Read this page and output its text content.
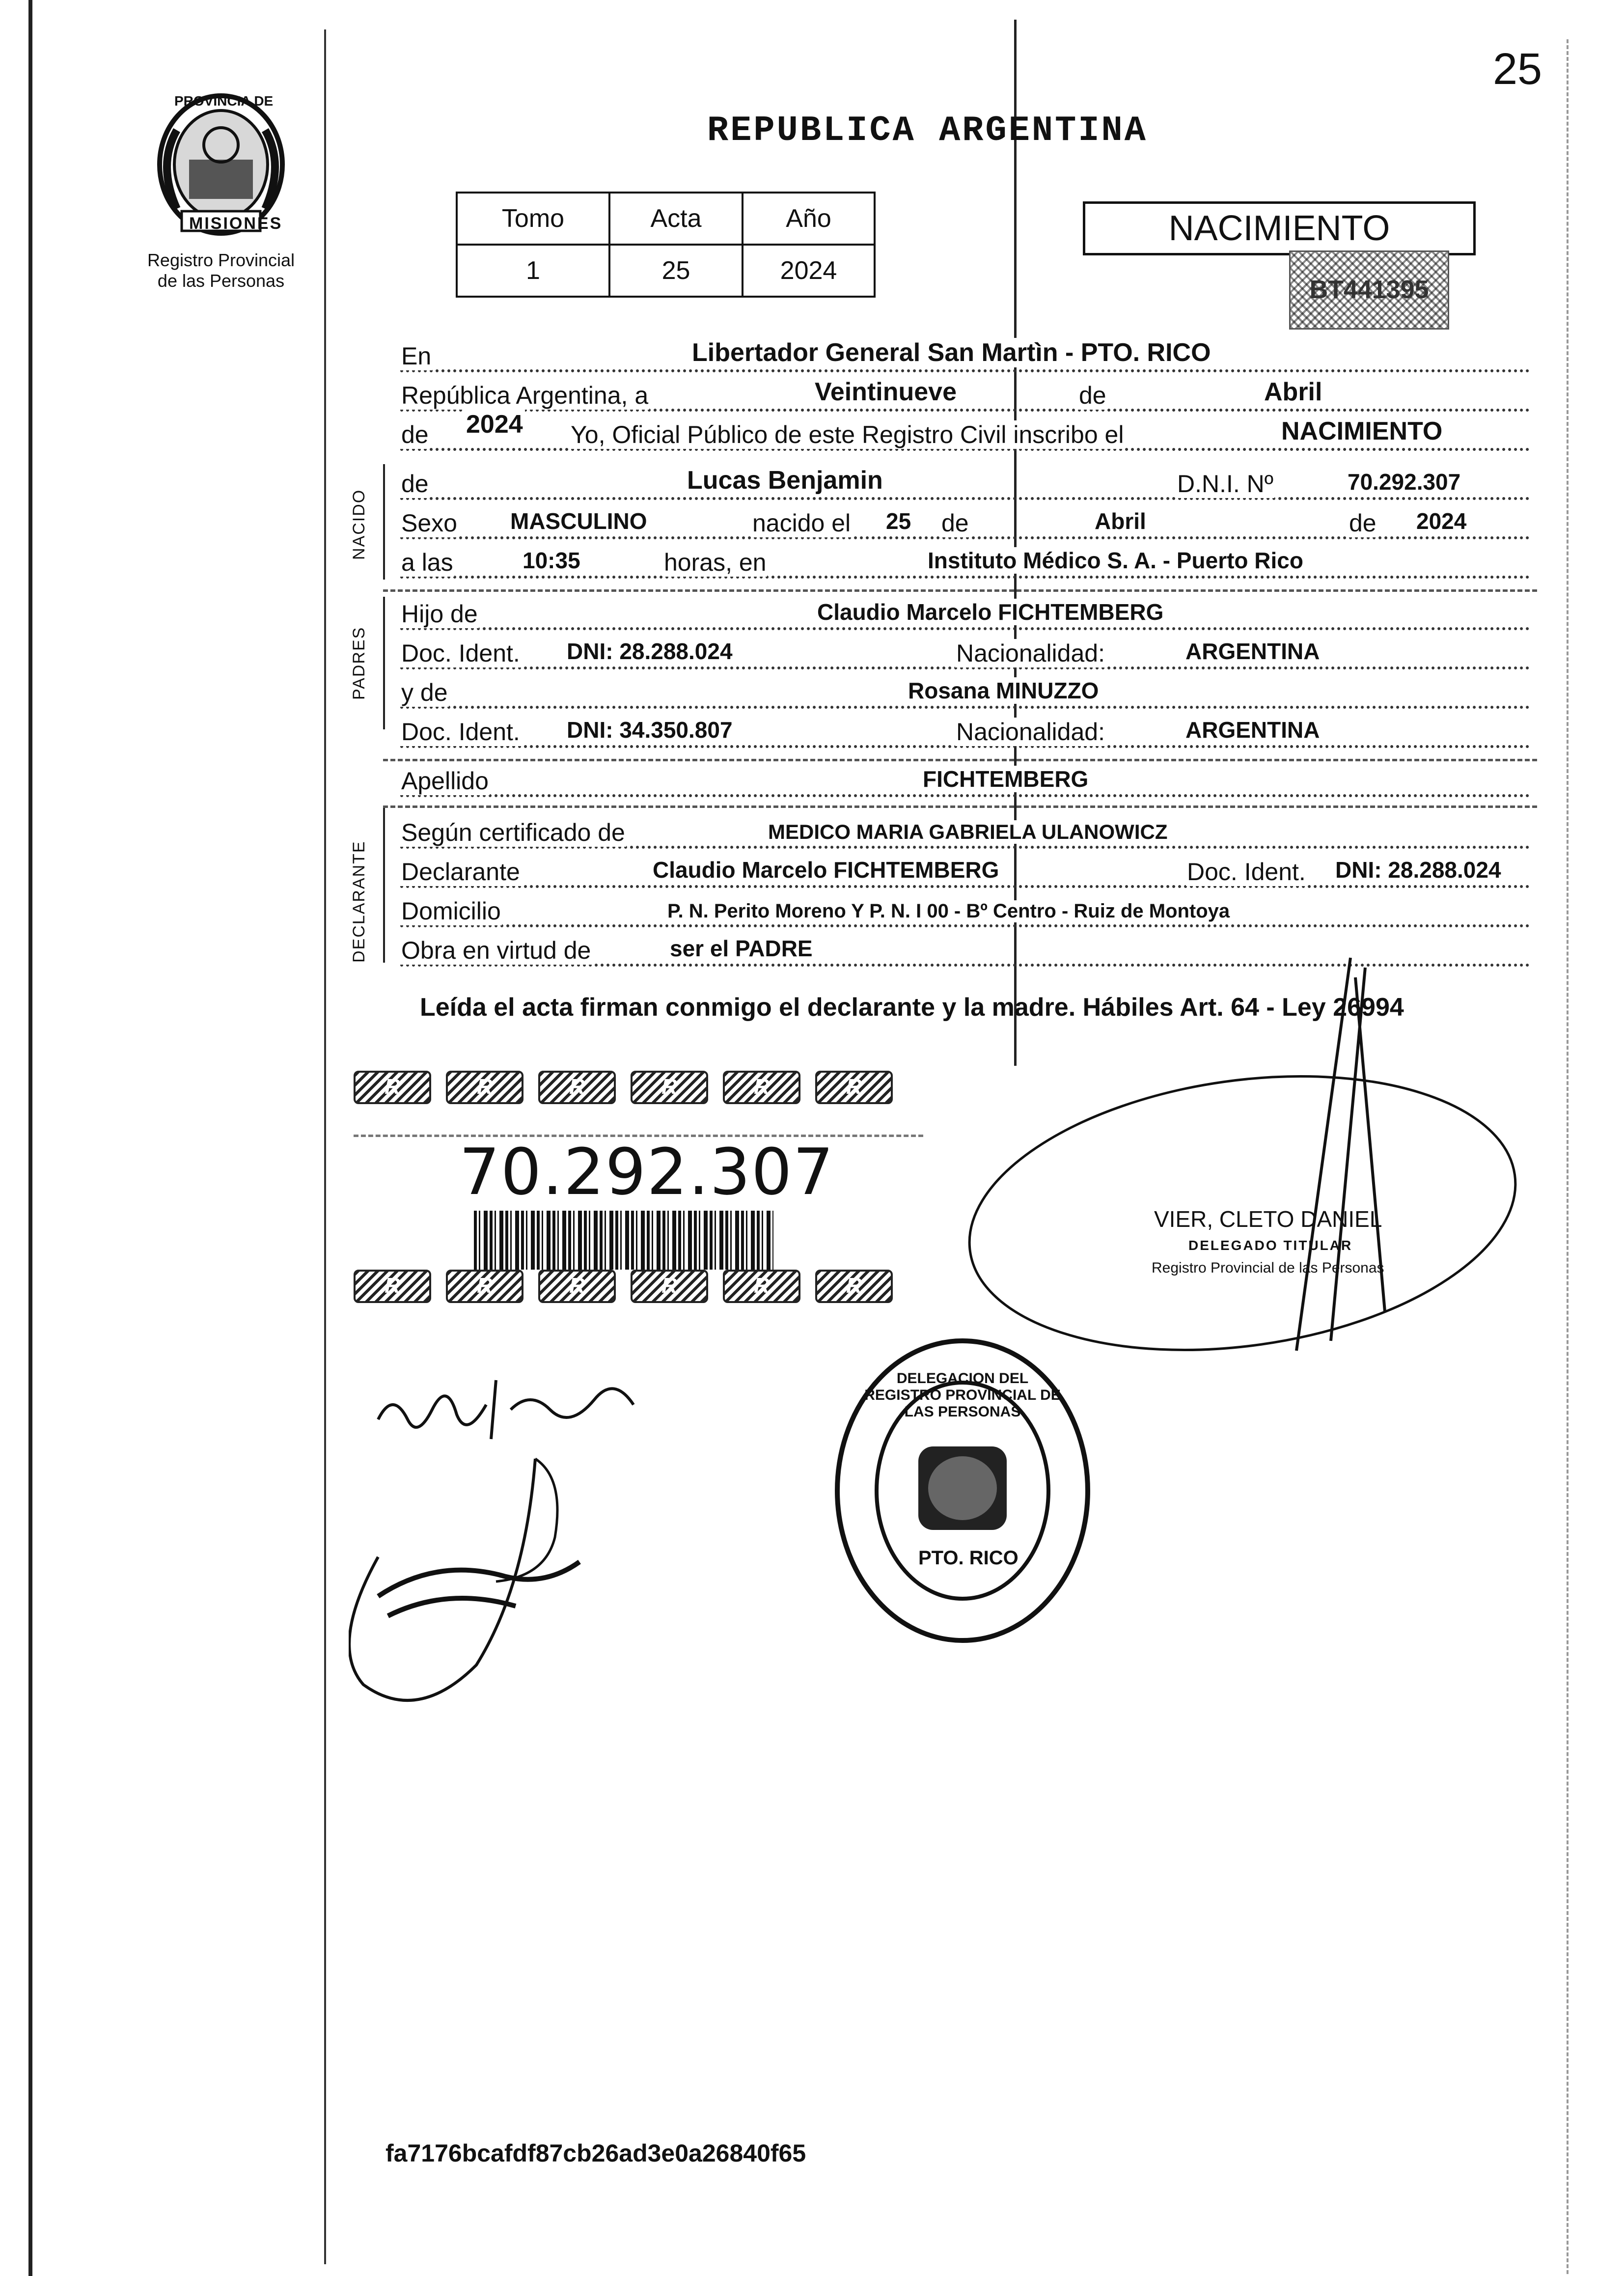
25
REPUBLICA ARGENTINA
PROVINCIA DE
MISIONES
Registro Provincial
de las Personas
Tomo	Acta	Año
1	25	2024
NACIMIENTO
BT441395
En	Libertador General San Martìn - PTO. RICO
República Argentina, a	Veintinueve	de	Abril
de 2024 Yo, Oficial Público de este Registro Civil inscribo el	NACIMIENTO
NACIDO
PADRES
DECLARANTE
de	Lucas Benjamin	D.N.I. Nº	70.292.307
Sexo MASCULINO	nacido el 25 de	Abril	de 2024
a las	10:35	horas, en	Instituto Médico S. A. - Puerto Rico
Hijo de	Claudio Marcelo FICHTEMBERG
Doc. Ident. DNI: 28.288.024	Nacionalidad:	ARGENTINA
y de	Rosana MINUZZO
Doc. Ident. DNI: 34.350.807	Nacionalidad:	ARGENTINA
Apellido	FICHTEMBERG
Según certificado de	MEDICO MARIA GABRIELA ULANOWICZ
Declarante	Claudio Marcelo FICHTEMBERG	Doc. Ident. DNI: 28.288.024
Domicilio	P. N. Perito Moreno Y P. N. I 00 - Bº Centro - Ruiz de Montoya
Obra en virtud de	ser el PADRE
Leída el acta firman conmigo el declarante y la madre. Hábiles Art. 64 - Ley 26994
R	R	R	R	R	R
70.292.307
R	R	R	R	R	R
VIER, CLETO DANIEL
DELEGADO TITULAR
Registro Provincial de las Personas
DELEGACION DEL REGISTRO PROVINCIAL DE LAS PERSONAS
PTO. RICO
fa7176bcafdf87cb26ad3e0a26840f65
